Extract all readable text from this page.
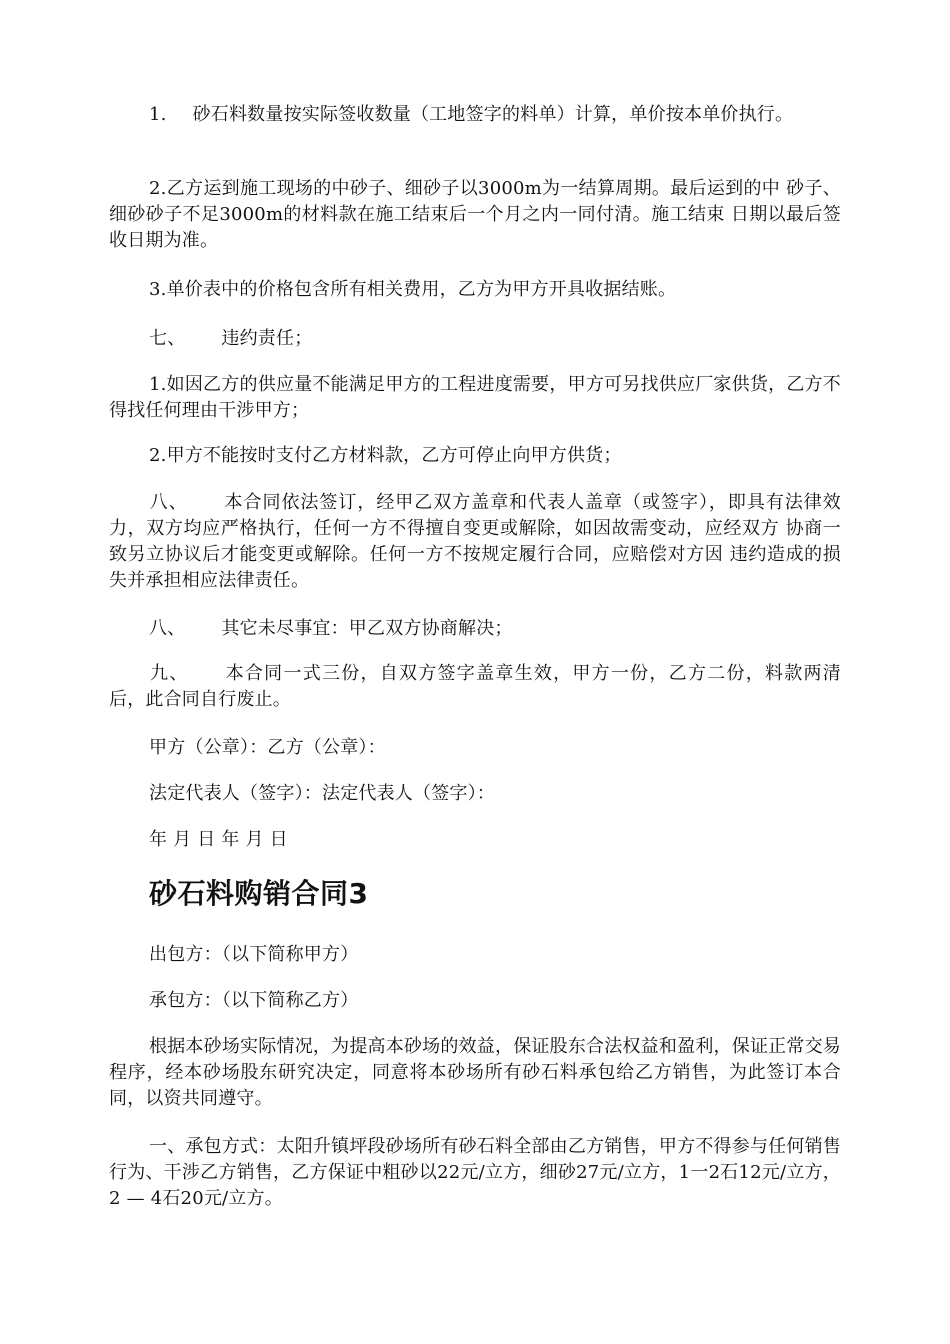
1. 砂石料数量按实际签收数量（工地签字的料单）计算，单价按本单价执行。

2.乙方运到施工现场的中砂子、细砂子以3000m为一结算周期。最后运到的中 砂子、细砂砂子不足3000m的材料款在施工结束后一个月之内一同付清。施工结束 日期以最后签收日期为准。

3.单价表中的价格包含所有相关费用，乙方为甲方开具收据结账。

七、 违约责任；

1.如因乙方的供应量不能满足甲方的工程进度需要，甲方可另找供应厂家供货，乙方不得找任何理由干涉甲方；

2.甲方不能按时支付乙方材料款，乙方可停止向甲方供货；

八、 本合同依法签订，经甲乙双方盖章和代表人盖章（或签字），即具有法律效 力，双方均应严格执行，任何一方不得擅自变更或解除，如因故需变动，应经双方 协商一致另立协议后才能变更或解除。任何一方不按规定履行合同，应赔偿对方因 违约造成的损失并承担相应法律责任。

八、 其它未尽事宜：甲乙双方协商解决；

九、 本合同一式三份，自双方签字盖章生效，甲方一份，乙方二份，料款两清 后，此合同自行废止。

甲方（公章）：乙方（公章）：

法定代表人（签字）：法定代表人（签字）：

年 月 日 年 月 日

砂石料购销合同3

出包方：（以下简称甲方）

承包方：（以下简称乙方）

根据本砂场实际情况，为提高本砂场的效益，保证股东合法权益和盈利，保证正常交易程序，经本砂场股东研究决定，同意将本砂场所有砂石料承包给乙方销售，为此签订本合同，以资共同遵守。

一、承包方式：太阳升镇坪段砂场所有砂石料全部由乙方销售，甲方不得参与任何销售行为、干涉乙方销售，乙方保证中粗砂以22元/立方，细砂27元/立方，1一2石12元/立方，2 — 4石20元/立方。
